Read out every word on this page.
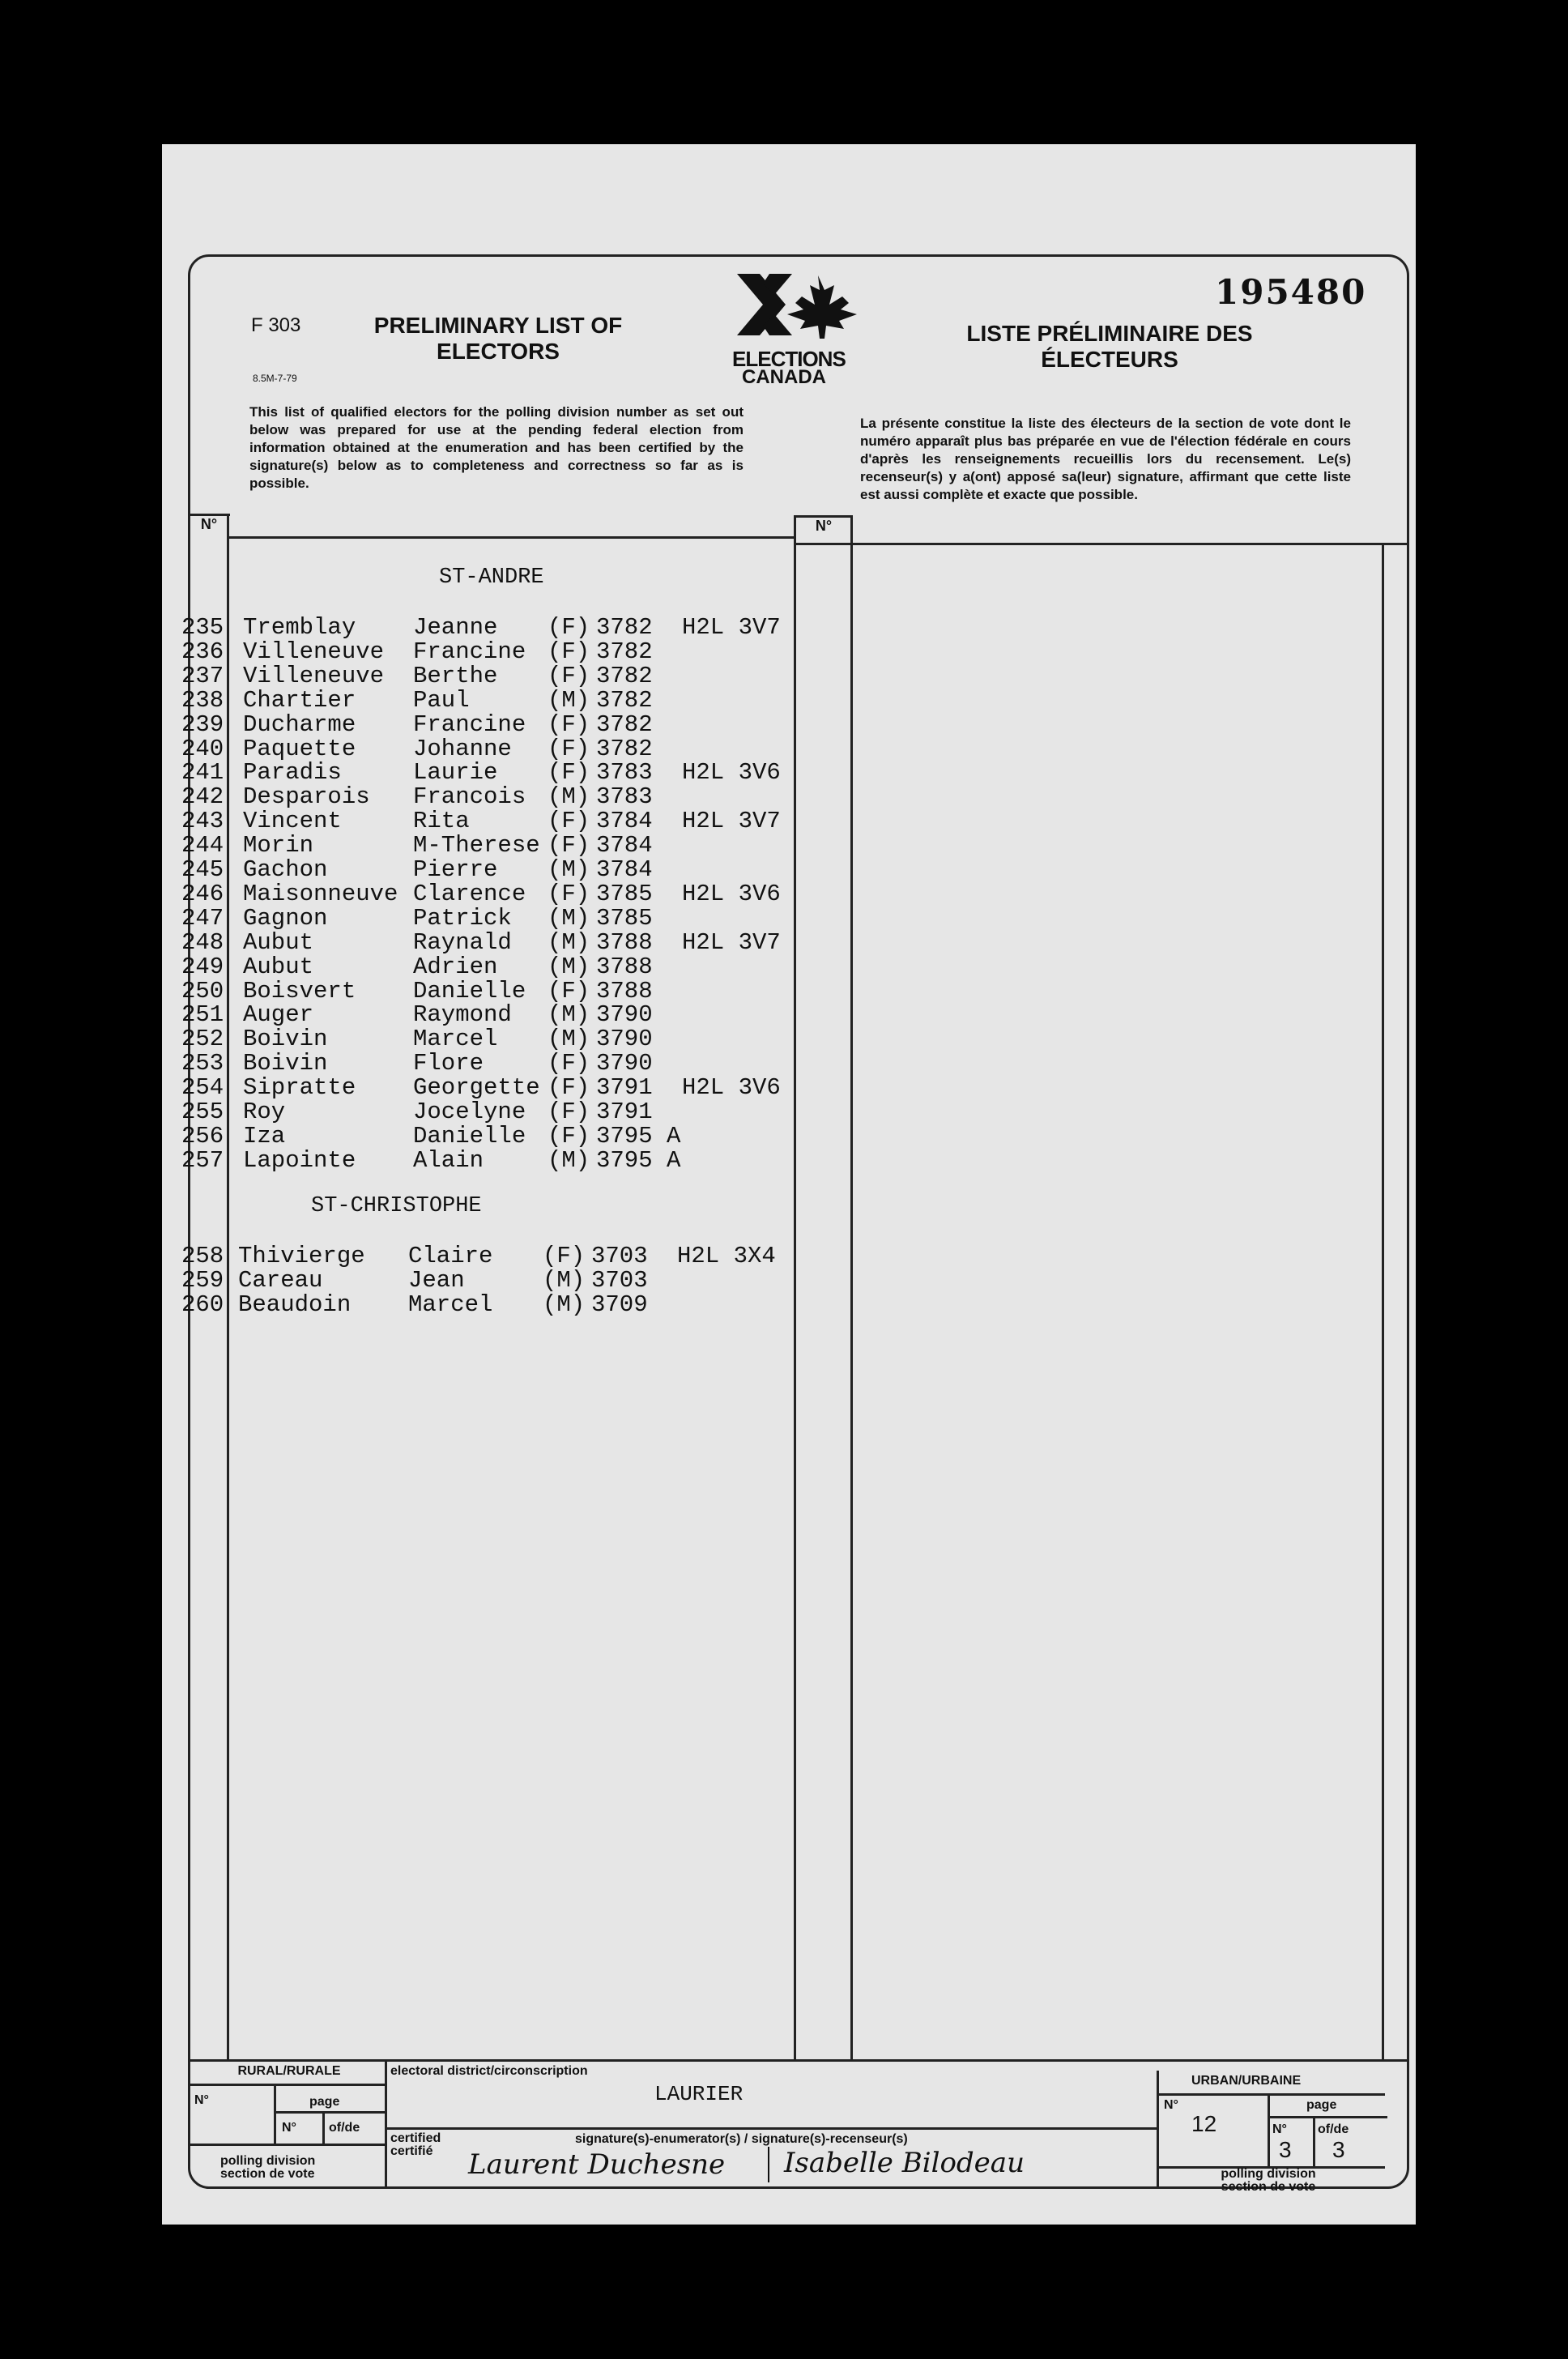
F 303
8.5M-7-79
PRELIMINARY LIST OF ELECTORS	ELECTIONS
CANADA
195480
LISTE PRÉLIMINAIRE DES ÉLECTEURS
This list of qualified electors for the polling division number as set out below was prepared for use at the pending federal election from information obtained at the enumeration and has been certified by the signature(s) below as to completeness and correctness so far as is possible.
La présente constitue la liste des électeurs de la section de vote dont le numéro apparaît plus bas préparée en vue de l'élection fédérale en cours d'après les renseignements recueillis lors du recensement. Le(s) recenseur(s) y a(ont) apposé sa(leur) signature, affirmant que cette liste est aussi complète et exacte que possible.
N°	N°
ST-ANDRE
235 Tremblay Jeanne (F) 3782 H2L 3V7
236 Villeneuve Francine (F) 3782
237 Villeneuve Berthe (F) 3782
238 Chartier Paul	(M) 3782
239 Ducharme Francine (F) 3782
240 Paquette Johanne (F) 3782
241 Paradis	Laurie (F) 3783 H2L 3V6
242 Desparois Francois (M) 3783
243 Vincent	Rita	(F) 3784 H2L 3V7
244 Morin	M-Therese (F) 3784
245 Gachon	Pierre (M) 3784
246 Maisonneuve Clarence (F) 3785 H2L 3V6
247 Gagnon	Patrick (M) 3785
248 Aubut	Raynald (M) 3788 H2L 3V7
249 Aubut	Adrien (M) 3788
250 Boisvert Danielle (F) 3788
251 Auger	Raymond (M) 3790
252 Boivin	Marcel (M) 3790
253 Boivin	Flore	(F) 3790
254 Sipratte Georgette (F) 3791 H2L 3V6
255 Roy	Jocelyne (F) 3791
256 Iza	Danielle (F) 3795 A
257 Lapointe Alain	(M) 3795 A
ST-CHRISTOPHE
258 Thivierge Claire (F) 3703 H2L 3X4
259 Careau	Jean	(M) 3703
260 Beaudoin Marcel (M) 3709
RURAL/RURALE
N°	page
N°	of/de
polling division section de vote
electoral district/circonscription
LAURIER
certified certifié
signature(s)-enumerator(s) / signature(s)-recenseur(s)
Laurent Duchesne Isabelle Bilodeau
URBAN/URBAINE
N°
12
page
N°
3
of/de
3
polling division section de vote
